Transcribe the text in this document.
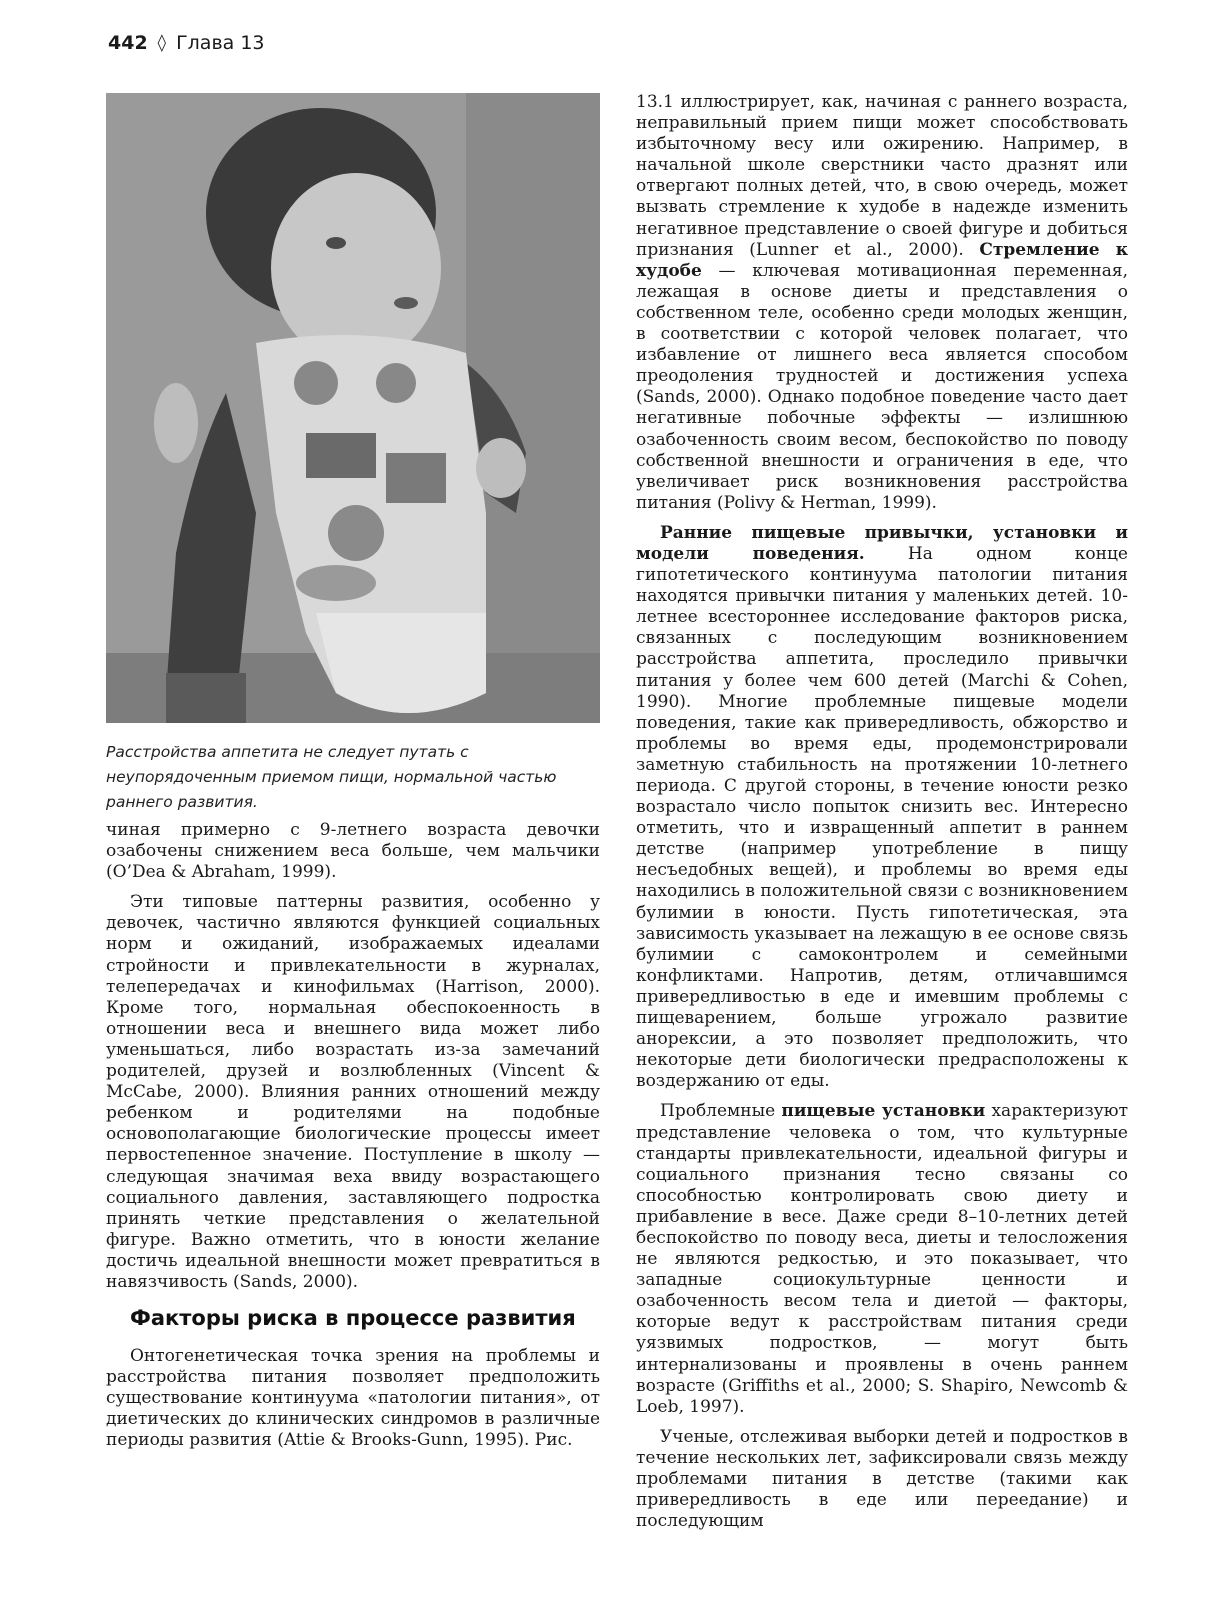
442 ◊ Глава 13
Расстройства аппетита не следует путать с неупорядоченным приемом пищи, нормальной частью раннего развития.

чиная примерно с 9-летнего возраста девочки озабочены снижением веса больше, чем мальчики (O’Dea & Abraham, 1999).

Эти типовые паттерны развития, особенно у девочек, частично являются функцией социальных норм и ожиданий, изображаемых идеалами стройности и привлекательности в журналах, телепередачах и кинофильмах (Harrison, 2000). Кроме того, нормальная обеспокоенность в отношении веса и внешнего вида может либо уменьшаться, либо возрастать из-за замечаний родителей, друзей и возлюбленных (Vincent & McCabe, 2000). Влияния ранних отношений между ребенком и родителями на подобные основополагающие биологические процессы имеет первостепенное значение. Поступление в школу — следующая значимая веха ввиду возрастающего социального давления, заставляющего подростка принять четкие представления о желательной фигуре. Важно отметить, что в юности желание достичь идеальной внешности может превратиться в навязчивость (Sands, 2000).

Факторы риска в процессе развития

Онтогенетическая точка зрения на проблемы и расстройства питания позволяет предположить существование континуума «патологии питания», от диетических до клинических синдромов в различные периоды развития (Attie & Brooks-Gunn, 1995). Рис.

13.1 иллюстрирует, как, начиная с раннего возраста, неправильный прием пищи может способствовать избыточному весу или ожирению. Например, в начальной школе сверстники часто дразнят или отвергают полных детей, что, в свою очередь, может вызвать стремление к худобе в надежде изменить негативное представление о своей фигуре и добиться признания (Lunner et al., 2000). Стремление к худобе — ключевая мотивационная переменная, лежащая в основе диеты и представления о собственном теле, особенно среди молодых женщин, в соответствии с которой человек полагает, что избавление от лишнего веса является способом преодоления трудностей и достижения успеха (Sands, 2000). Однако подобное поведение часто дает негативные побочные эффекты — излишнюю озабоченность своим весом, беспокойство по поводу собственной внешности и ограничения в еде, что увеличивает риск возникновения расстройства питания (Polivy & Herman, 1999).

Ранние пищевые привычки, установки и модели поведения. На одном конце гипотетического континуума патологии питания находятся привычки питания у маленьких детей. 10-летнее всестороннее исследование факторов риска, связанных с последующим возникновением расстройства аппетита, проследило привычки питания у более чем 600 детей (Marchi & Cohen, 1990). Многие проблемные пищевые модели поведения, такие как привередливость, обжорство и проблемы во время еды, продемонстрировали заметную стабильность на протяжении 10-летнего периода. С другой стороны, в течение юности резко возрастало число попыток снизить вес. Интересно отметить, что и извращенный аппетит в раннем детстве (например употребление в пищу несъедобных вещей), и проблемы во время еды находились в положительной связи с возникновением булимии в юности. Пусть гипотетическая, эта зависимость указывает на лежащую в ее основе связь булимии с самоконтролем и семейными конфликтами. Напротив, детям, отличавшимся привередливостью в еде и имевшим проблемы с пищеварением, больше угрожало развитие анорексии, а это позволяет предположить, что некоторые дети биологически предрасположены к воздержанию от еды.

Проблемные пищевые установки характеризуют представление человека о том, что культурные стандарты привлекательности, идеальной фигуры и социального признания тесно связаны со способностью контролировать свою диету и прибавление в весе. Даже среди 8–10-летних детей беспокойство по поводу веса, диеты и телосложения не являются редкостью, и это показывает, что западные социокультурные ценности и озабоченность весом тела и диетой — факторы, которые ведут к расстройствам питания среди уязвимых подростков, — могут быть интернализованы и проявлены в очень раннем возрасте (Griffiths et al., 2000; S. Shapiro, Newcomb & Loeb, 1997).

Ученые, отслеживая выборки детей и подростков в течение нескольких лет, зафиксировали связь между проблемами питания в детстве (такими как привередливость в еде или переедание) и последующим
